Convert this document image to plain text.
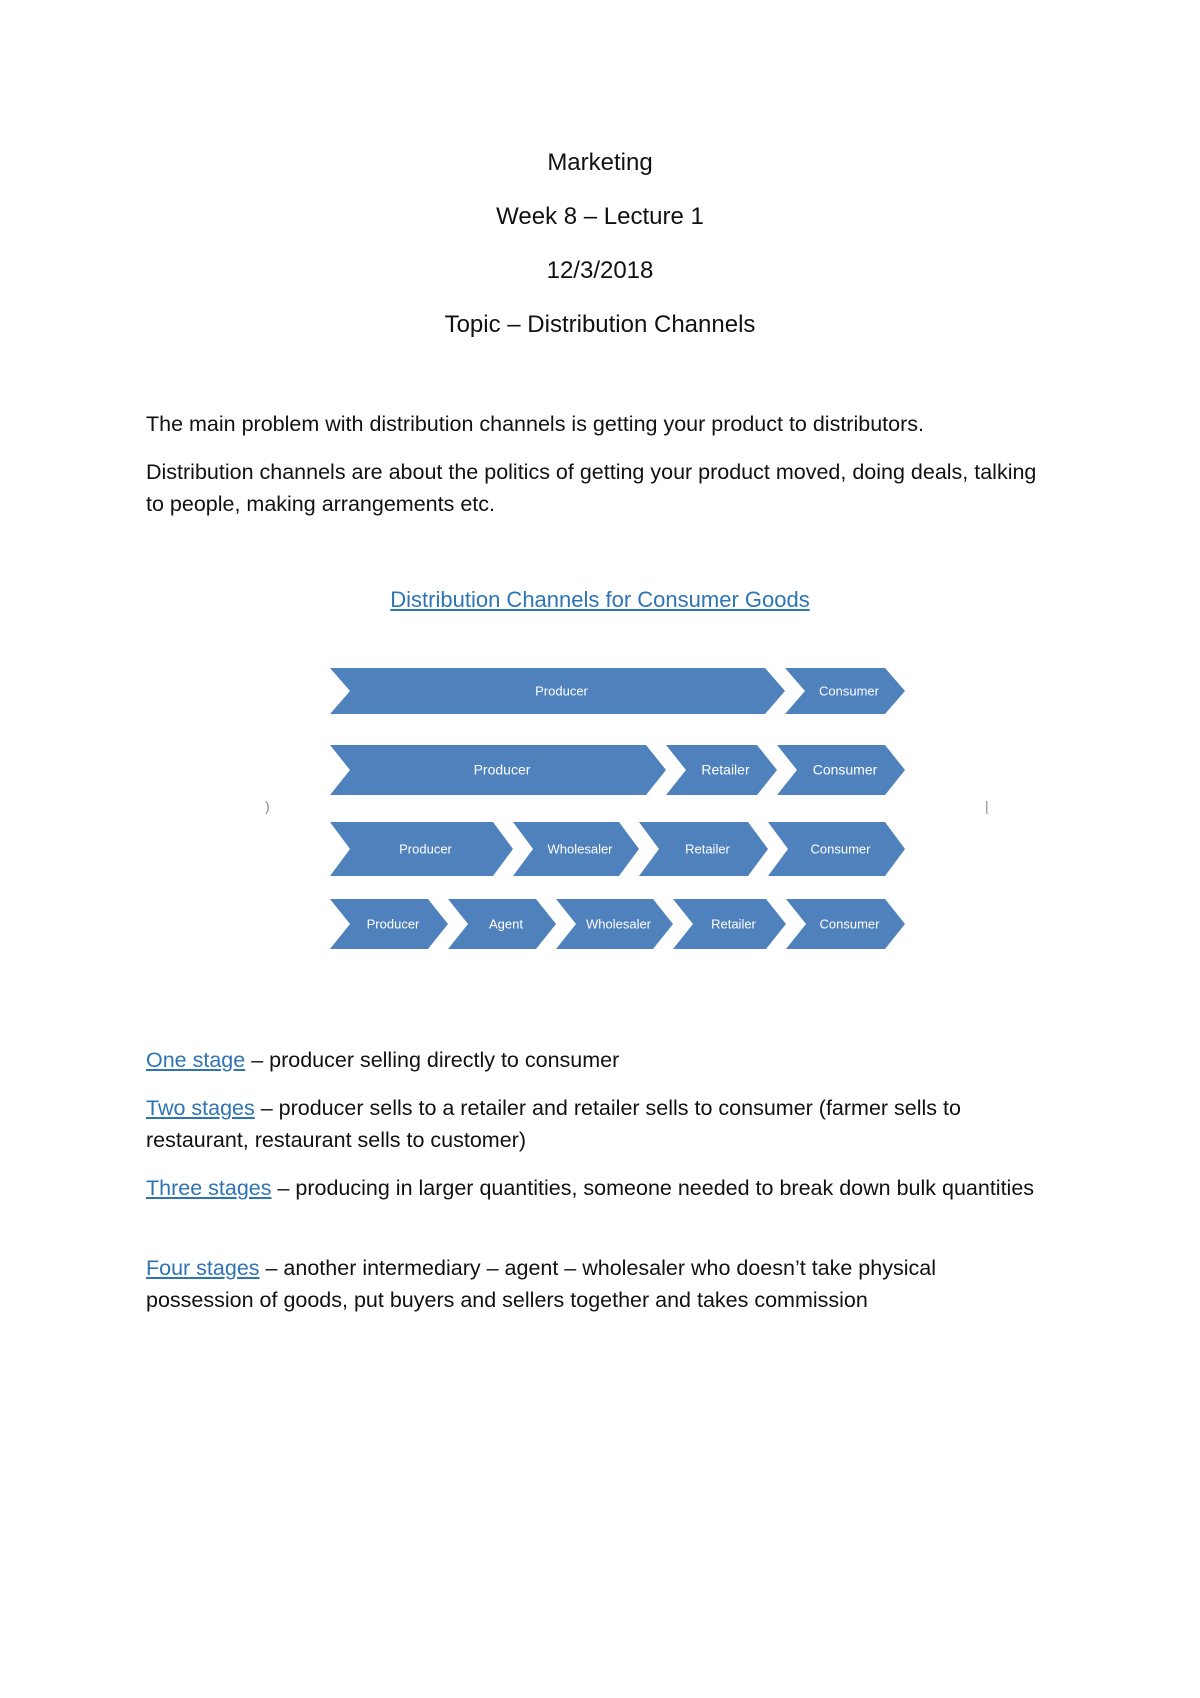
Marketing
Week 8 – Lecture 1

12/3/2018

Topic – Distribution Channels

The main problem with distribution channels is getting your product to distributors.

Distribution channels are about the politics of getting your product moved, doing deals, talking to people, making arrangements etc.

Distribution Channels for Consumer Goods
Producer	Consumer
Producer	Retailer	Consumer
Producer	Wholesaler	Retailer	Consumer
Producer	Agent	Wholesaler	Retailer	Consumer
)	|

One stage – producer selling directly to consumer

Two stages – producer sells to a retailer and retailer sells to consumer (farmer sells to restaurant, restaurant sells to customer)

Three stages – producing in larger quantities, someone needed to break down bulk quantities

Four stages – another intermediary – agent – wholesaler who doesn’t take physical possession of goods, put buyers and sellers together and takes commission
